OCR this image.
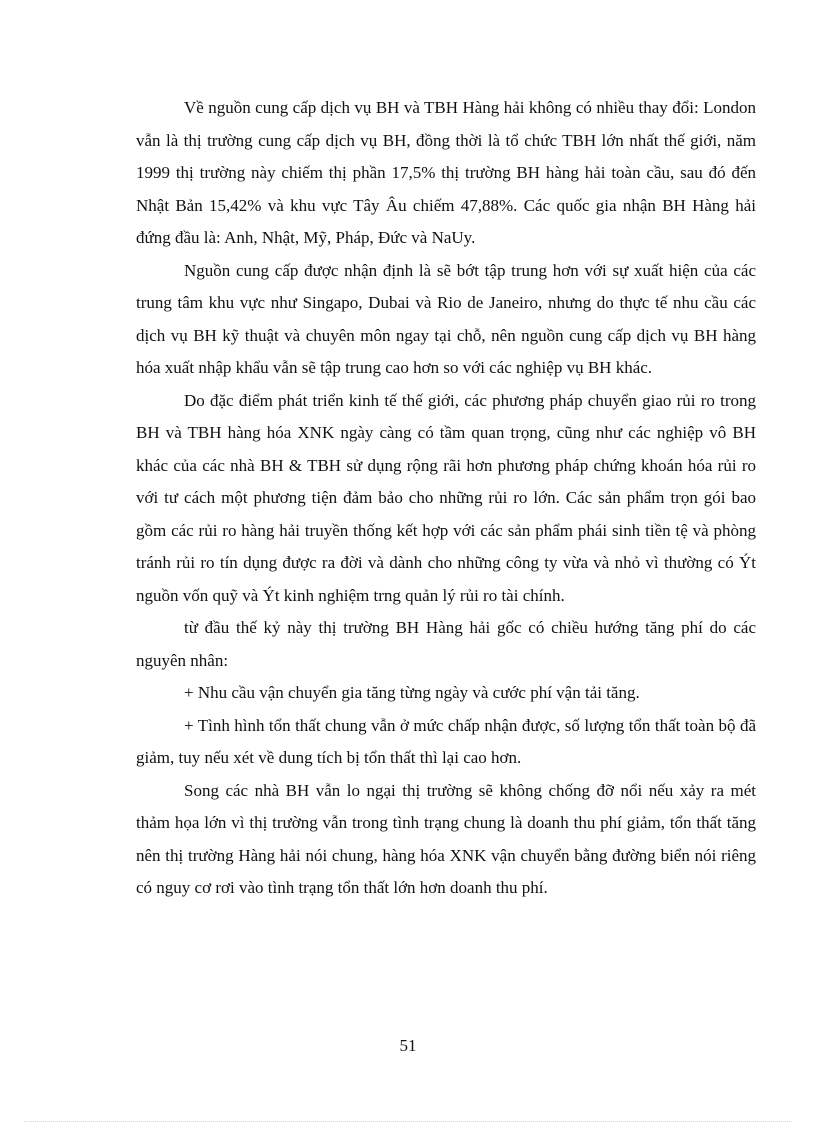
Về nguồn cung cấp dịch vụ BH và TBH Hàng hải không có nhiều thay đổi: London vẫn là thị trường cung cấp dịch vụ BH, đồng thời là tổ chức TBH lớn nhất thế giới, năm 1999 thị trường này chiếm thị phần 17,5% thị trường BH hàng hải toàn cầu, sau đó đến Nhật Bản 15,42% và khu vực Tây Âu chiếm 47,88%. Các quốc gia nhận BH Hàng hải đứng đầu là: Anh, Nhật, Mỹ, Pháp, Đức và NaUy.

Nguồn cung cấp được nhận định là sẽ bớt tập trung hơn với sự xuất hiện của các trung tâm khu vực như Singapo, Dubai và Rio de Janeiro, nhưng do thực tế nhu cầu các dịch vụ BH kỹ thuật và chuyên môn ngay tại chỗ, nên nguồn cung cấp dịch vụ BH hàng hóa xuất nhập khẩu vẫn sẽ tập trung cao hơn so với các nghiệp vụ BH khác.

Do đặc điểm phát triển kinh tế thế giới, các phương pháp chuyển giao rủi ro trong BH và TBH hàng hóa XNK ngày càng có tầm quan trọng, cũng như các nghiệp vô BH khác của các nhà BH & TBH sử dụng rộng rãi hơn phương pháp chứng khoán hóa rủi ro với tư cách một phương tiện đảm bảo cho những rủi ro lớn. Các sản phẩm trọn gói bao gồm các rủi ro hàng hải truyền thống kết hợp với các sản phẩm phái sinh tiền tệ và phòng tránh rủi ro tín dụng được ra đời và dành cho những công ty vừa và nhỏ vì thường có Ýt nguồn vốn quỹ và Ýt kinh nghiệm trng quản lý rủi ro tài chính.

từ đầu thế kỷ này thị trường BH Hàng hải gốc có chiều hướng tăng phí do các nguyên nhân:

+ Nhu cầu vận chuyển gia tăng từng ngày và cước phí vận tải tăng.

+ Tình hình tổn thất chung vẫn ở mức chấp nhận được, số lượng tổn thất toàn bộ đã giảm, tuy nếu xét về dung tích bị tổn thất thì lại cao hơn.

Song các nhà BH vẫn lo ngại thị trường sẽ không chống đỡ nổi nếu xảy ra mét thảm họa lớn vì thị trường vẫn trong tình trạng chung là doanh thu phí giảm, tổn thất tăng nên thị trường Hàng hải nói chung, hàng hóa XNK vận chuyển bằng đường biển nói riêng có nguy cơ rơi vào tình trạng tổn thất lớn hơn doanh thu phí.

51
